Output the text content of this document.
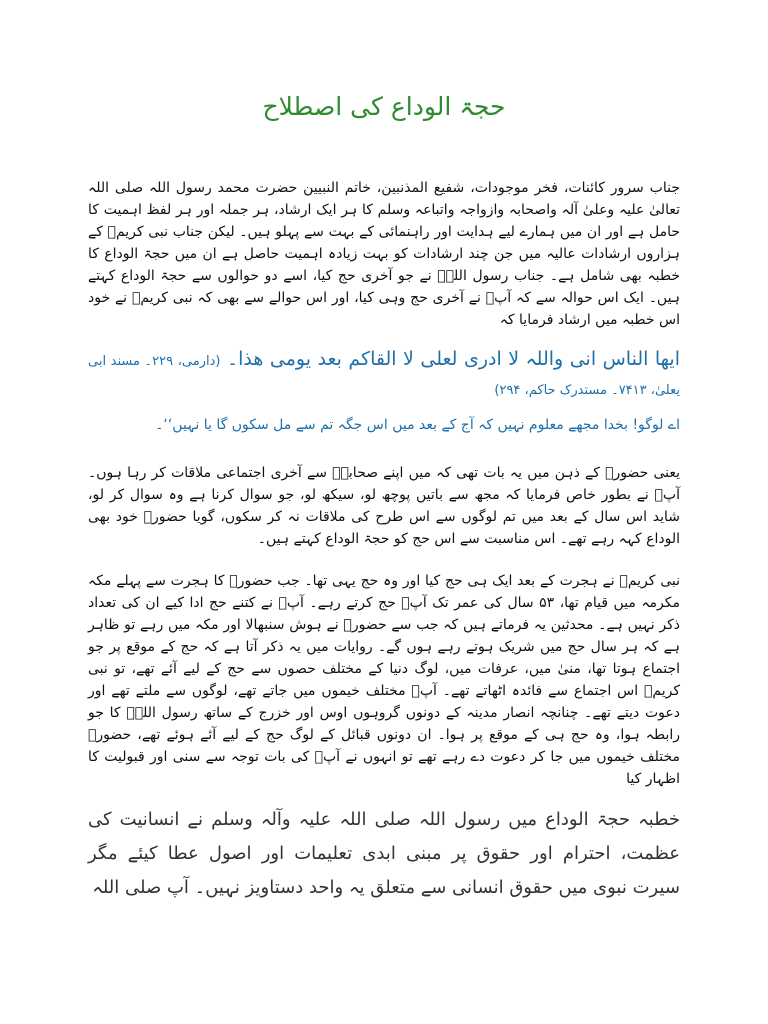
حجۃ الوداع کی اصطلاح

جناب سرور کائنات، فخر موجودات، شفیع المذنبین، خاتم النبیین حضرت محمد رسول اللہ صلی اللہ تعالیٰ علیہ وعلیٰ آلہ واصحابہ وازواجہ واتباعہ وسلم کا ہر ایک ارشاد، ہر جملہ اور ہر لفظ اہمیت کا حامل ہے اور ان میں ہمارے لیے ہدایت اور راہنمائی کے بہت سے پہلو ہیں۔ لیکن جناب نبی کریمؐ کے ہزاروں ارشادات عالیہ میں جن چند ارشادات کو بہت زیادہ اہمیت حاصل ہے ان میں حجۃ الوداع کا خطبہ بھی شامل ہے۔ جناب رسول اللہؐ نے جو آخری حج کیا، اسے دو حوالوں سے حجۃ الوداع کہتے ہیں۔ ایک اس حوالہ سے کہ آپؐ نے آخری حج وہی کیا، اور اس حوالے سے بھی کہ نبی کریمؐ نے خود اس خطبہ میں ارشاد فرمایا کہ

ایھا الناس انی واللہ لا ادری لعلی لا القاکم بعد یومی ھذا۔ (دارمی، ۲۲۹۔ مسند ابی یعلیٰ، ۷۴۱۳۔ مستدرک حاکم، ۲۹۴)

اے لوگو! بخدا مجھے معلوم نہیں کہ آج کے بعد میں اس جگہ تم سے مل سکوں گا یا نہیں‘‘۔

یعنی حضورؐ کے ذہن میں یہ بات تھی کہ میں اپنے صحابہؓ سے آخری اجتماعی ملاقات کر رہا ہوں۔ آپؐ نے بطور خاص فرمایا کہ مجھ سے باتیں پوچھ لو، سیکھ لو، جو سوال کرنا ہے وہ سوال کر لو، شاید اس سال کے بعد میں تم لوگوں سے اس طرح کی ملاقات نہ کر سکوں، گویا حضورؐ خود بھی الوداع کہہ رہے تھے۔ اس مناسبت سے اس حج کو حجۃ الوداع کہتے ہیں۔

نبی کریمؐ نے ہجرت کے بعد ایک ہی حج کیا اور وہ حج یہی تھا۔ جب حضورؐ کا ہجرت سے پہلے مکہ مکرمہ میں قیام تھا، ۵۳ سال کی عمر تک آپؐ حج کرتے رہے۔ آپؐ نے کتنے حج ادا کیے ان کی تعداد ذکر نہیں ہے۔ محدثین یہ فرماتے ہیں کہ جب سے حضورؐ نے ہوش سنبھالا اور مکہ میں رہے تو ظاہر ہے کہ ہر سال حج میں شریک ہوتے رہے ہوں گے۔ روایات میں یہ ذکر آتا ہے کہ حج کے موقع پر جو اجتماع ہوتا تھا، منیٰ میں، عرفات میں، لوگ دنیا کے مختلف حصوں سے حج کے لیے آئے تھے، تو نبی کریمؐ اس اجتماع سے فائدہ اٹھاتے تھے۔ آپؐ مختلف خیموں میں جاتے تھے، لوگوں سے ملتے تھے اور دعوت دیتے تھے۔ چنانچہ انصار مدینہ کے دونوں گروہوں اوس اور خزرج کے ساتھ رسول اللہؐ کا جو رابطہ ہوا، وہ حج ہی کے موقع پر ہوا۔ ان دونوں قبائل کے لوگ حج کے لیے آئے ہوئے تھے، حضورؐ مختلف خیموں میں جا کر دعوت دے رہے تھے تو انہوں نے آپؐ کی بات توجہ سے سنی اور قبولیت کا اظہار کیا

خطبہ حجۃ الوداع میں رسول اللہ صلی اللہ علیہ وآلہ وسلم نے انسانیت کی عظمت، احترام اور حقوق پر مبنی ابدی تعلیمات اور اصول عطا کیئے مگر سیرت نبوی میں حقوق انسانی سے متعلق یہ واحد دستاویز نہیں۔ آپ صلی اللہ
